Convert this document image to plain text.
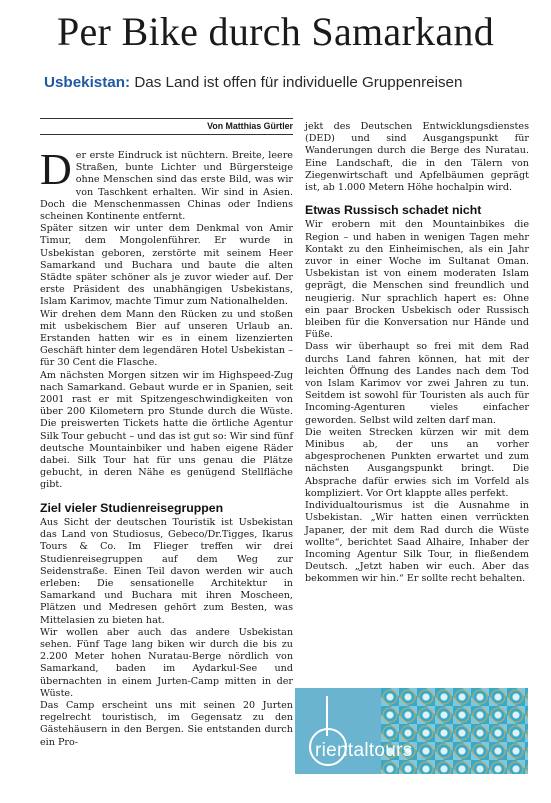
Per Bike durch Samarkand
Usbekistan: Das Land ist offen für individuelle Gruppenreisen
Von Matthias Gürtler

Der erste Eindruck ist nüchtern. Breite, leere Straßen, bunte Lichter und Bürgersteige ohne Menschen sind das erste Bild, was wir von Taschkent erhalten. Wir sind in Asien. Doch die Menschenmassen Chinas oder Indiens scheinen Kontinente entfernt.

Später sitzen wir unter dem Denkmal von Amir Timur, dem Mongolenführer. Er wurde in Usbekistan geboren, zerstörte mit seinem Heer Samarkand und Buchara und baute die alten Städte später schöner als je zuvor wieder auf. Der erste Präsident des unabhängigen Usbekistans, Islam Karimov, machte Timur zum Nationalhelden.

Wir drehen dem Mann den Rücken zu und stoßen mit usbekischem Bier auf unseren Urlaub an. Erstanden hatten wir es in einem lizenzierten Geschäft hinter dem legendären Hotel Usbekistan – für 30 Cent die Flasche.

Am nächsten Morgen sitzen wir im Highspeed-Zug nach Samarkand. Gebaut wurde er in Spanien, seit 2001 rast er mit Spitzengeschwindigkeiten von über 200 Kilometern pro Stunde durch die Wüste. Die preiswerten Tickets hatte die örtliche Agentur Silk Tour gebucht – und das ist gut so: Wir sind fünf deutsche Mountainbiker und haben eigene Räder dabei. Silk Tour hat für uns genau die Plätze gebucht, in deren Nähe es genügend Stellfläche gibt.

Ziel vieler Studienreisegruppen

Aus Sicht der deutschen Touristik ist Usbekistan das Land von Studiosus, Gebeco/Dr.Tigges, Ikarus Tours & Co. Im Flieger treffen wir drei Studienreisegruppen auf dem Weg zur Seidenstraße. Einen Teil davon werden wir auch erleben: Die sensationelle Architektur in Samarkand und Buchara mit ihren Moscheen, Plätzen und Medresen gehört zum Besten, was Mittelasien zu bieten hat.

Wir wollen aber auch das andere Usbekistan sehen. Fünf Tage lang biken wir durch die bis zu 2.200 Meter hohen Nuratau-Berge nördlich von Samarkand, baden im Aydarkul-See und übernachten in einem Jurten-Camp mitten in der Wüste.

Das Camp erscheint uns mit seinen 20 Jurten regelrecht touristisch, im Gegensatz zu den Gästehäusern in den Bergen. Sie entstanden durch ein Pro-

jekt des Deutschen Entwicklungsdienstes (DED) und sind Ausgangspunkt für Wanderungen durch die Berge des Nuratau. Eine Landschaft, die in den Tälern von Ziegenwirtschaft und Apfelbäumen geprägt ist, ab 1.000 Metern Höhe hochalpin wird.

Etwas Russisch schadet nicht

Wir erobern mit den Mountainbikes die Region – und haben in wenigen Tagen mehr Kontakt zu den Einheimischen, als ein Jahr zuvor in einer Woche im Sultanat Oman. Usbekistan ist von einem moderaten Islam geprägt, die Menschen sind freundlich und neugierig. Nur sprachlich hapert es: Ohne ein paar Brocken Usbekisch oder Russisch bleiben für die Konversation nur Hände und Füße.

Dass wir überhaupt so frei mit dem Rad durchs Land fahren können, hat mit der leichten Öffnung des Landes nach dem Tod von Islam Karimov vor zwei Jahren zu tun. Seitdem ist sowohl für Touristen als auch für Incoming-Agenturen vieles einfacher geworden. Selbst wild zelten darf man.

Die weiten Strecken kürzen wir mit dem Minibus ab, der uns an vorher abgesprochenen Punkten erwartet und zum nächsten Ausgangspunkt bringt. Die Absprache dafür erwies sich im Vorfeld als kompliziert. Vor Ort klappte alles perfekt.

Individualtourismus ist die Ausnahme in Usbekistan. „Wir hatten einen verrückten Japaner, der mit dem Rad durch die Wüste wollte“, berichtet Saad Alhaire, Inhaber der Incoming Agentur Silk Tour, in fließendem Deutsch. „Jetzt haben wir euch. Aber das bekommen wir hin.“ Er sollte recht behalten.

rientaltours
